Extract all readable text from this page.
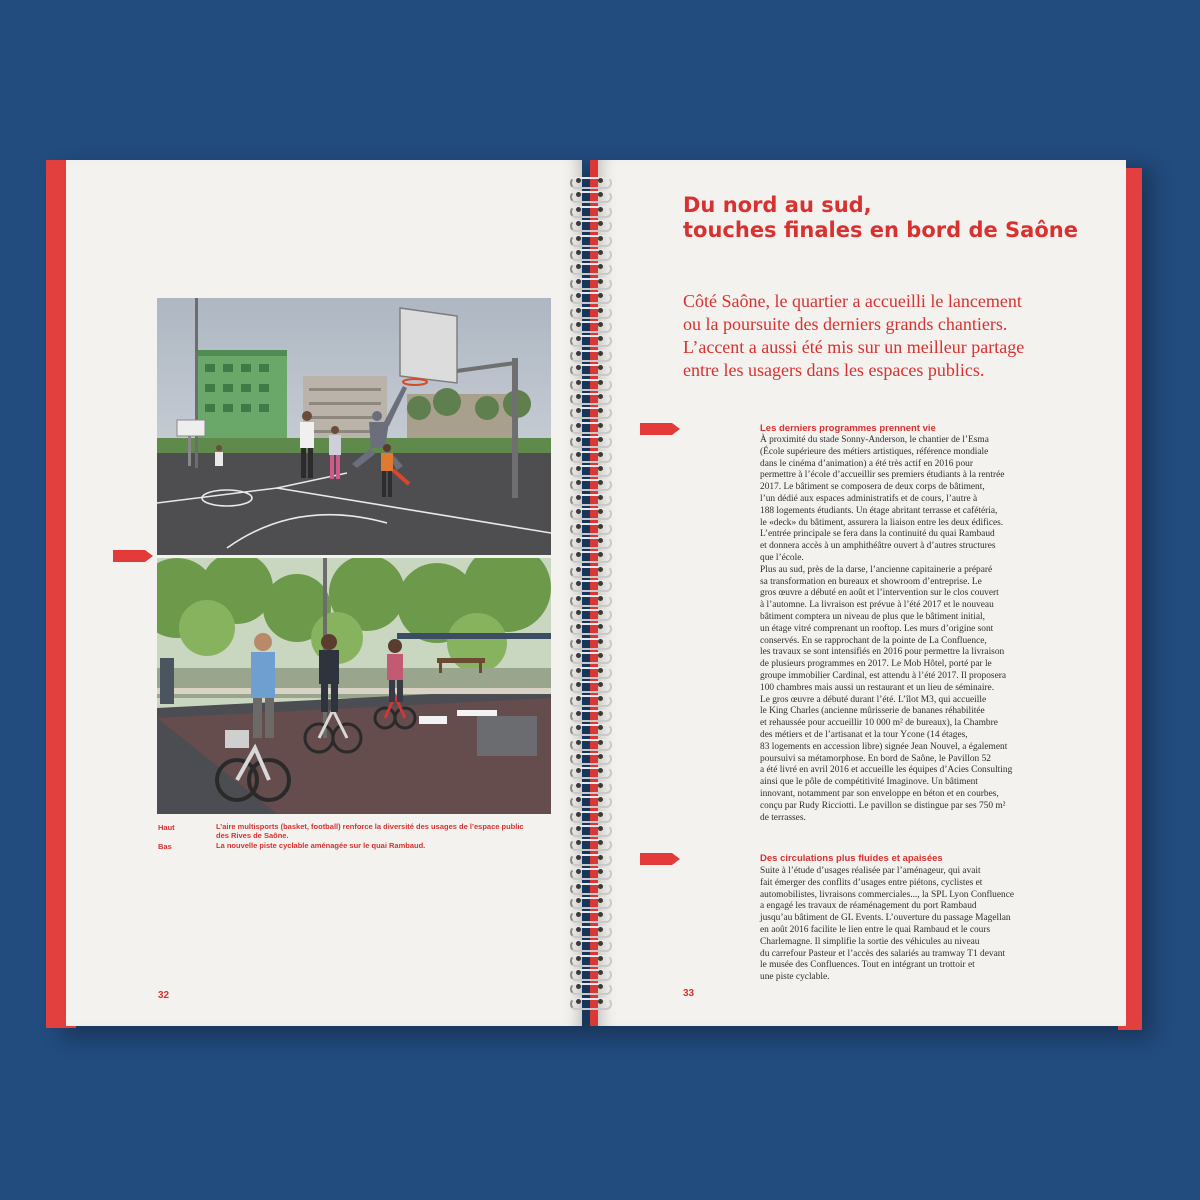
Haut	L’aire multisports (basket, football) renforce la diversité des usages de l’espace public
des Rives de Saône.
Bas	La nouvelle piste cyclable aménagée sur le quai Rambaud.
32
Du nord au sud,
touches finales en bord de Saône
Côté Saône, le quartier a accueilli le lancement
ou la poursuite des derniers grands chantiers.
L’accent a aussi été mis sur un meilleur partage
entre les usagers dans les espaces publics.
Les derniers programmes prennent vie
À proximité du stade Sonny-Anderson, le chantier de l’Esma
(École supérieure des métiers artistiques, référence mondiale
dans le cinéma d’animation) a été très actif en 2016 pour
permettre à l’école d’accueillir ses premiers étudiants à la rentrée
2017. Le bâtiment se composera de deux corps de bâtiment,
l’un dédié aux espaces administratifs et de cours, l’autre à
188 logements étudiants. Un étage abritant terrasse et cafétéria,
le «deck» du bâtiment, assurera la liaison entre les deux édifices.
L’entrée principale se fera dans la continuité du quai Rambaud
et donnera accès à un amphithéâtre ouvert à d’autres structures
que l’école.
Plus au sud, près de la darse, l’ancienne capitainerie a préparé
sa transformation en bureaux et showroom d’entreprise. Le
gros œuvre a débuté en août et l’intervention sur le clos couvert
à l’automne. La livraison est prévue à l’été 2017 et le nouveau
bâtiment comptera un niveau de plus que le bâtiment initial,
un étage vitré comprenant un rooftop. Les murs d’origine sont
conservés. En se rapprochant de la pointe de La Confluence,
les travaux se sont intensifiés en 2016 pour permettre la livraison
de plusieurs programmes en 2017. Le Mob Hôtel, porté par le
groupe immobilier Cardinal, est attendu à l’été 2017. Il proposera
100 chambres mais aussi un restaurant et un lieu de séminaire.
Le gros œuvre a débuté durant l’été. L’îlot M3, qui accueille
le King Charles (ancienne mûrisserie de bananes réhabilitée
et rehaussée pour accueillir 10 000 m² de bureaux), la Chambre
des métiers et de l’artisanat et la tour Ycone (14 étages,
83 logements en accession libre) signée Jean Nouvel, a également
poursuivi sa métamorphose. En bord de Saône, le Pavillon 52
a été livré en avril 2016 et accueille les équipes d’Acies Consulting
ainsi que le pôle de compétitivité Imaginove. Un bâtiment
innovant, notamment par son enveloppe en béton et en courbes,
conçu par Rudy Ricciotti. Le pavillon se distingue par ses 750 m²
de terrasses.
Des circulations plus fluides et apaisées
Suite à l’étude d’usages réalisée par l’aménageur, qui avait
fait émerger des conflits d’usages entre piétons, cyclistes et
automobilistes, livraisons commerciales..., la SPL Lyon Confluence
a engagé les travaux de réaménagement du port Rambaud
jusqu’au bâtiment de GL Events. L’ouverture du passage Magellan
en août 2016 facilite le lien entre le quai Rambaud et le cours
Charlemagne. Il simplifie la sortie des véhicules au niveau
du carrefour Pasteur et l’accès des salariés au tramway T1 devant
le musée des Confluences. Tout en intégrant un trottoir et
une piste cyclable.
33
